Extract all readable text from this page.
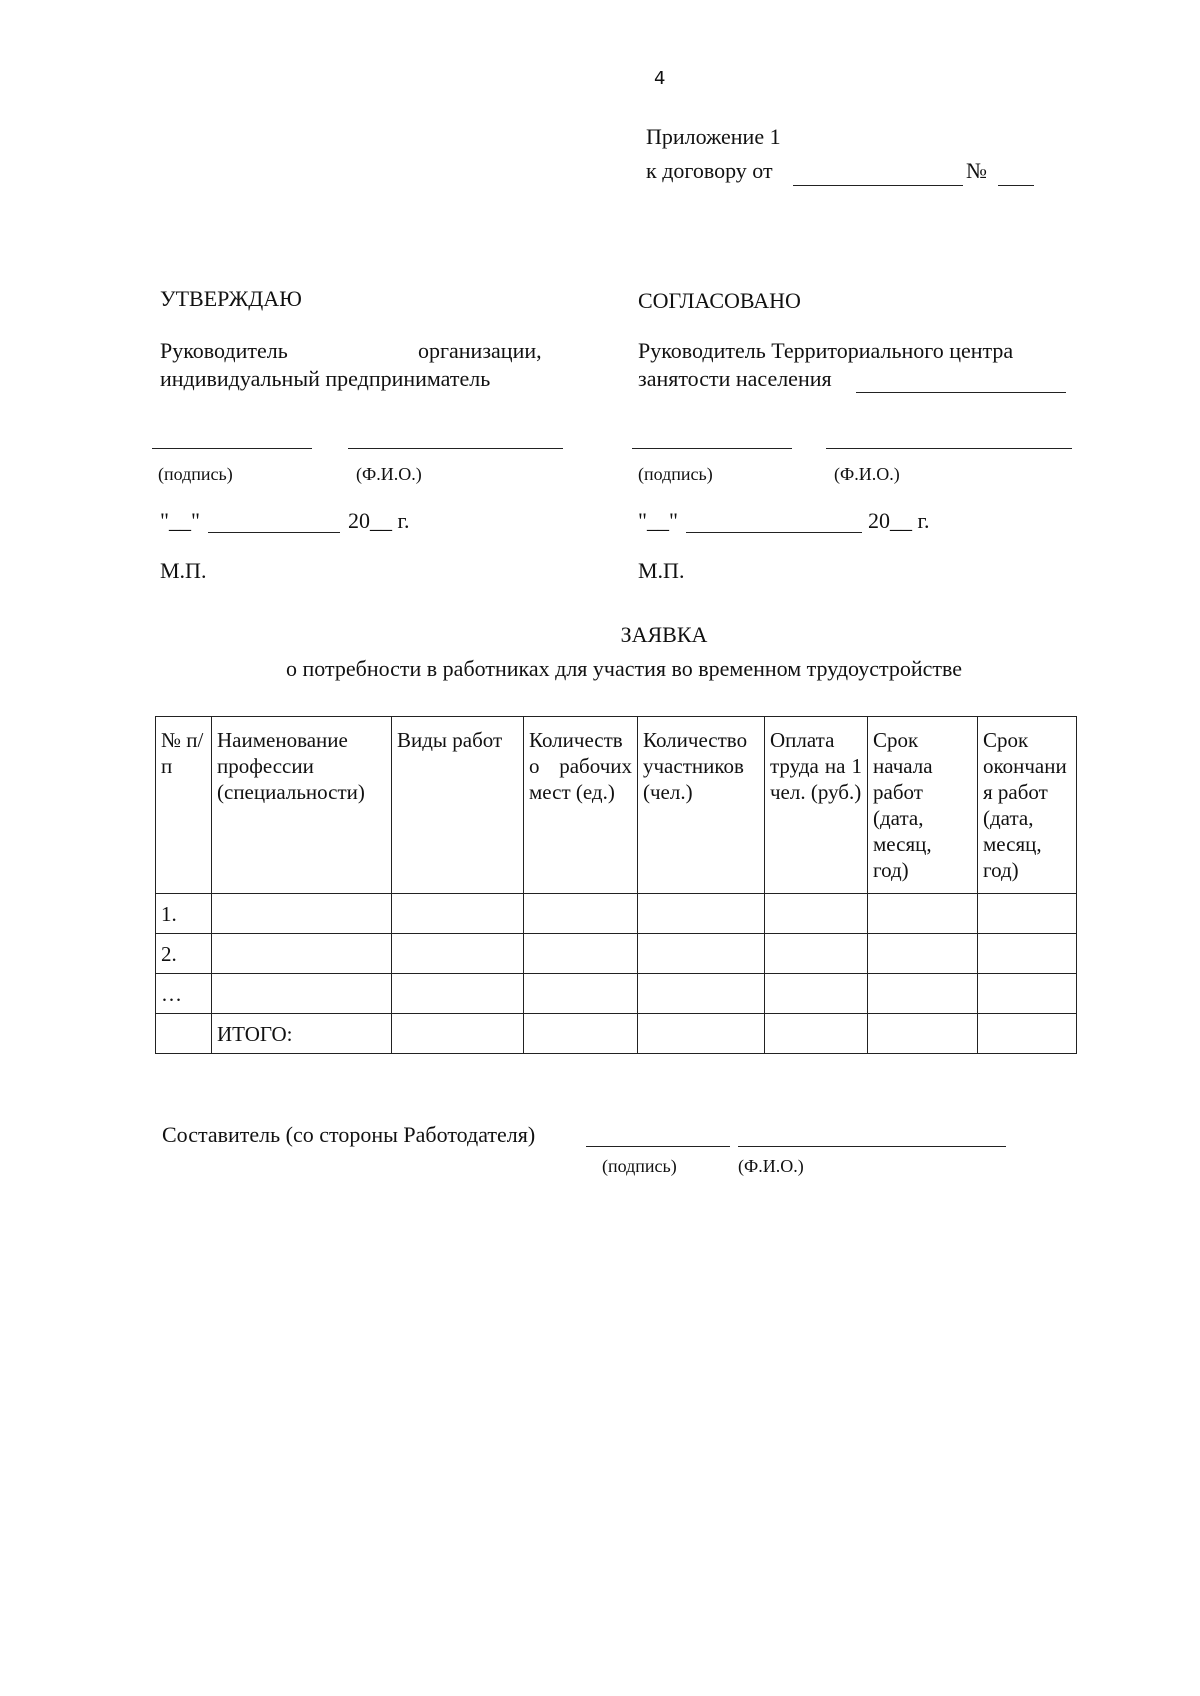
4
Приложение 1
к договору от	№
УТВЕРЖДАЮ
Руководитель	организации,
индивидуальный предприниматель
(подпись)	(Ф.И.О.)
"__"	20__ г.
М.П.
СОГЛАСОВАНО
Руководитель Территориального центра
занятости населения
(подпись)	(Ф.И.О.)
"__"	20__ г.
М.П.
ЗАЯВКА
о потребности в работниках для участия во временном трудоустройстве
№ п/п	Наименование профессии (специальности)	Виды работ	Количество рабочих мест (ед.)	Количество участников (чел.)	Оплата труда на 1 чел. (руб.)	Срок начала работ (дата, месяц, год)	Срок окончания работ (дата, месяц, год)
1.							
2.							
…							
	ИТОГО:						
Составитель (со стороны Работодателя)
(подпись)	(Ф.И.О.)
